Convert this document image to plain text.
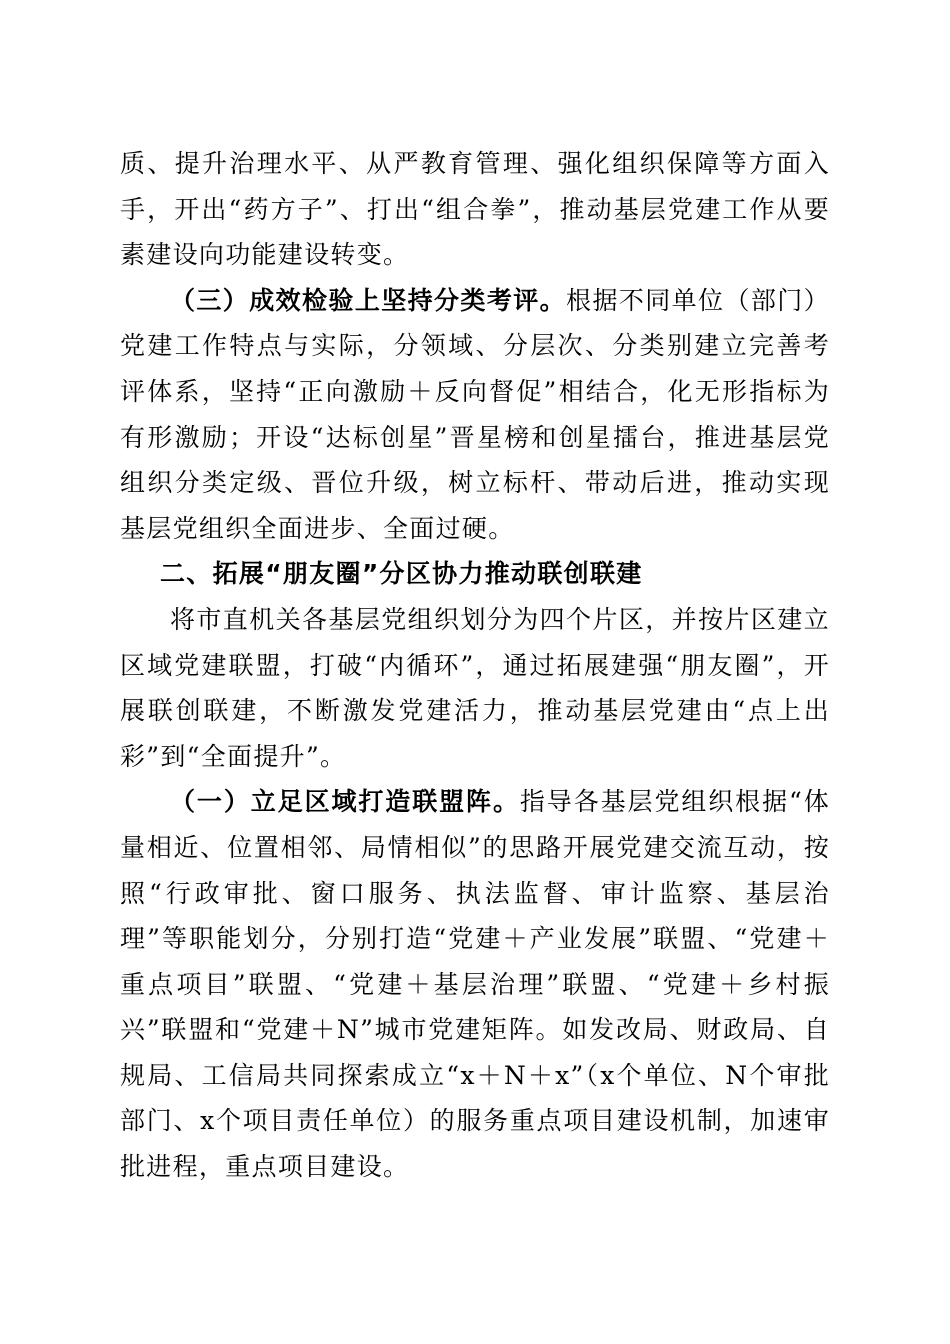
质、提升治理水平、从严教育管理、强化组织保障等方面入手，开出“药方子”、打出“组合拳”，推动基层党建工作从要素建设向功能建设转变。

（三）成效检验上坚持分类考评。根据不同单位（部门）党建工作特点与实际，分领域、分层次、分类别建立完善考评体系，坚持“正向激励＋反向督促”相结合，化无形指标为有形激励；开设“达标创星”晋星榜和创星擂台，推进基层党组织分类定级、晋位升级，树立标杆、带动后进，推动实现基层党组织全面进步、全面过硬。

二、拓展“朋友圈”分区协力推动联创联建

将市直机关各基层党组织划分为四个片区，并按片区建立区域党建联盟，打破“内循环”，通过拓展建强“朋友圈”，开展联创联建，不断激发党建活力，推动基层党建由“点上出彩”到“全面提升”。

（一）立足区域打造联盟阵。指导各基层党组织根据“体量相近、位置相邻、局情相似”的思路开展党建交流互动，按照“行政审批、窗口服务、执法监督、审计监察、基层治理”等职能划分，分别打造“党建＋产业发展”联盟、“党建＋重点项目”联盟、“党建＋基层治理”联盟、“党建＋乡村振兴”联盟和“党建＋N”城市党建矩阵。如发改局、财政局、自规局、工信局共同探索成立“x＋N＋x”（x个单位、N个审批部门、x个项目责任单位）的服务重点项目建设机制，加速审批进程，重点项目建设。
